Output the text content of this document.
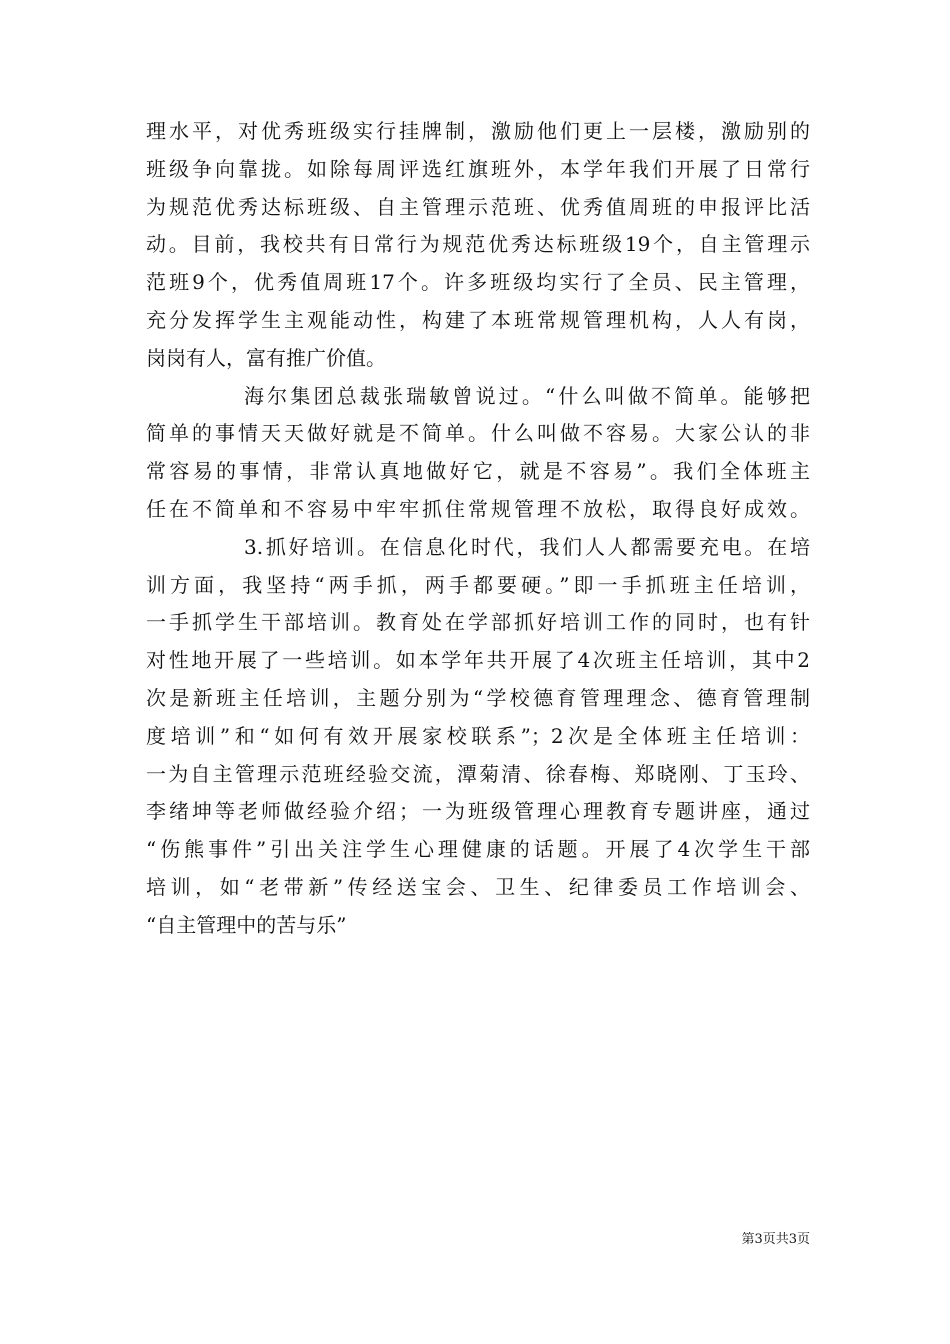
理水平，对优秀班级实行挂牌制，激励他们更上一层楼，激励别的
班级争向靠拢。如除每周评选红旗班外，本学年我们开展了日常行
为规范优秀达标班级、自主管理示范班、优秀值周班的申报评比活
动。目前，我校共有日常行为规范优秀达标班级19个，自主管理示
范班9个，优秀值周班17个。许多班级均实行了全员、民主管理，
充分发挥学生主观能动性，构建了本班常规管理机构，人人有岗，
岗岗有人，富有推广价值。
海尔集团总裁张瑞敏曾说过。“什么叫做不简单。能够把
简单的事情天天做好就是不简单。什么叫做不容易。大家公认的非
常容易的事情，非常认真地做好它，就是不容易”。我们全体班主
任在不简单和不容易中牢牢抓住常规管理不放松，取得良好成效。
3.抓好培训。在信息化时代，我们人人都需要充电。在培
训方面，我坚持“两手抓，两手都要硬。”即一手抓班主任培训，
一手抓学生干部培训。教育处在学部抓好培训工作的同时，也有针
对性地开展了一些培训。如本学年共开展了4次班主任培训，其中2
次是新班主任培训，主题分别为“学校德育管理理念、德育管理制
度培训”和“如何有效开展家校联系”；2次是全体班主任培训：
一为自主管理示范班经验交流，潭菊清、徐春梅、郑晓刚、丁玉玲、
李绪坤等老师做经验介绍；一为班级管理心理教育专题讲座，通过
“伤熊事件”引出关注学生心理健康的话题。开展了4次学生干部
培训，如“老带新”传经送宝会、卫生、纪律委员工作培训会、
“自主管理中的苦与乐”
第3页共3页
